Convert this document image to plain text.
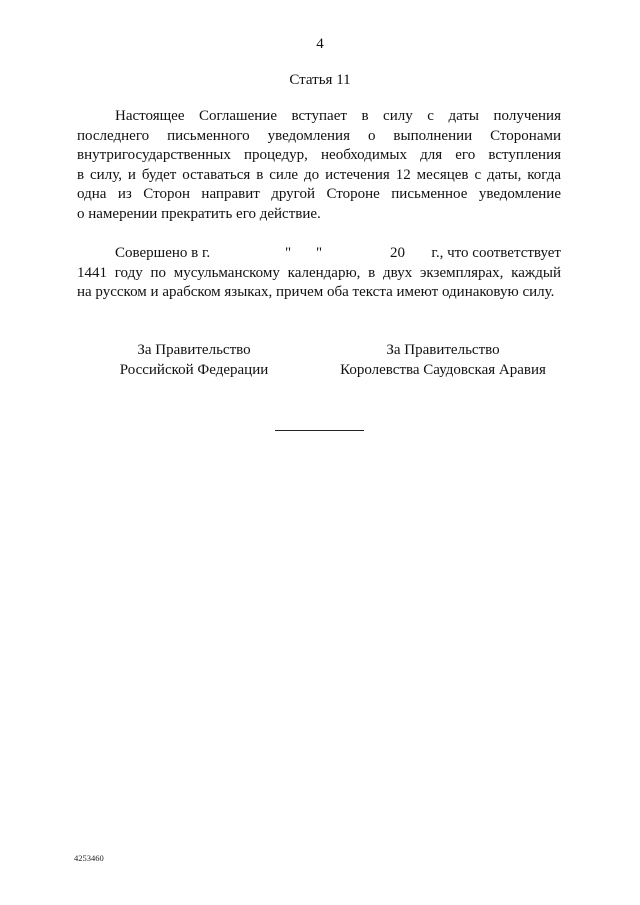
4
Статья 11
Настоящее Соглашение вступает в силу с даты получения
последнего письменного уведомления о выполнении Сторонами
внутригосударственных процедур, необходимых для его вступления
в силу, и будет оставаться в силе до истечения 12 месяцев с даты, когда
одна из Сторон направит другой Стороне письменное уведомление
о намерении прекратить его действие.
Совершено в г.	" "	20 г., что соответствует
1441 году по мусульманскому календарю, в двух экземплярах, каждый
на русском и арабском языках, причем оба текста имеют одинаковую силу.
За Правительство
Российской Федерации
За Правительство
Королевства Саудовская Аравия
4253460
